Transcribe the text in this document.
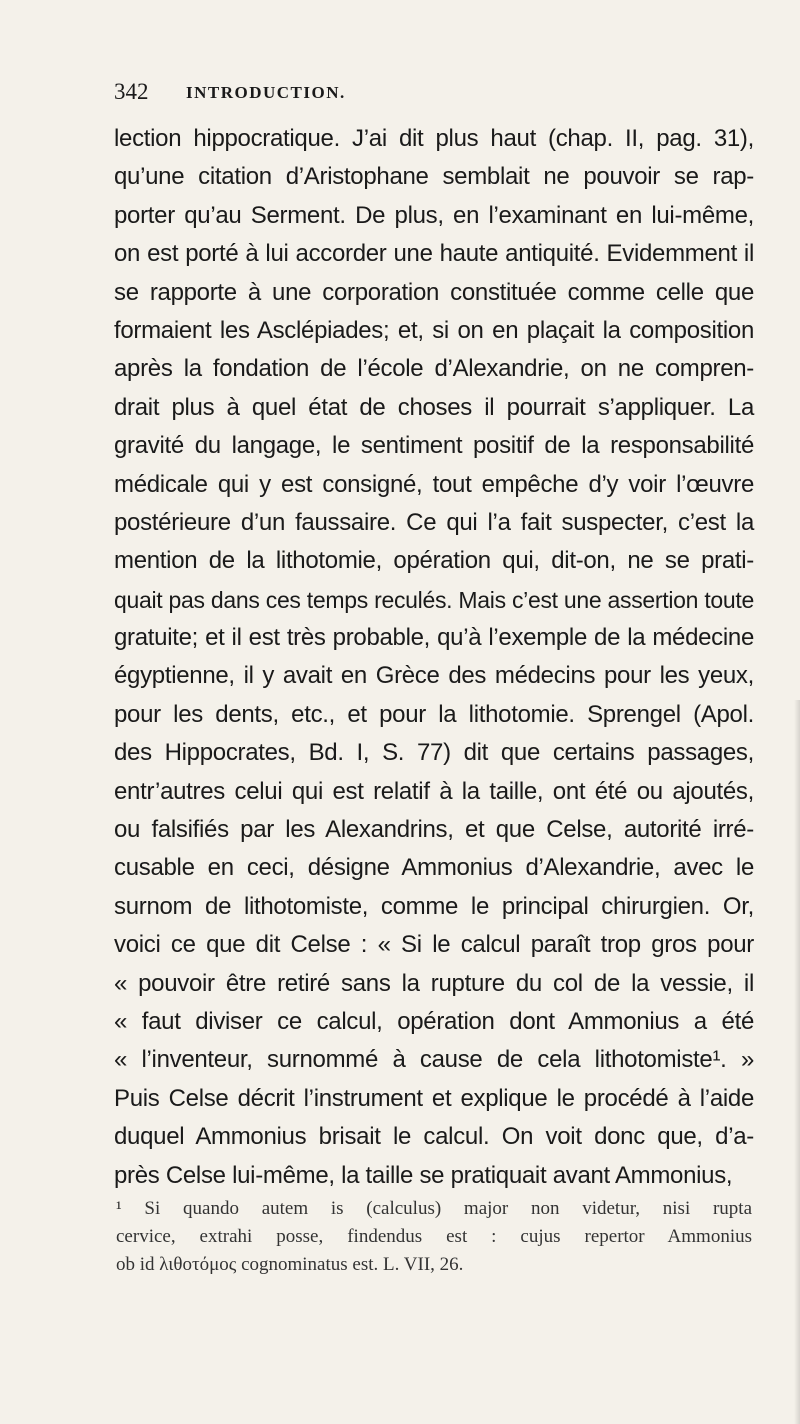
342 INTRODUCTION.
lection hippocratique. J’ai dit plus haut (chap. II, pag. 31),
qu’une citation d’Aristophane semblait ne pouvoir se rap-
porter qu’au Serment. De plus, en l’examinant en lui-même,
on est porté à lui accorder une haute antiquité. Evidemment il
se rapporte à une corporation constituée comme celle que
formaient les Asclépiades; et, si on en plaçait la composition
après la fondation de l’école d’Alexandrie, on ne compren-
drait plus à quel état de choses il pourrait s’appliquer. La
gravité du langage, le sentiment positif de la responsabilité
médicale qui y est consigné, tout empêche d’y voir l’œuvre
postérieure d’un faussaire. Ce qui l’a fait suspecter, c’est la
mention de la lithotomie, opération qui, dit-on, ne se prati-
quait pas dans ces temps reculés. Mais c’est une assertion toute
gratuite; et il est très probable, qu’à l’exemple de la médecine
égyptienne, il y avait en Grèce des médecins pour les yeux,
pour les dents, etc., et pour la lithotomie. Sprengel (Apol.
des Hippocrates, Bd. I, S. 77) dit que certains passages,
entr’autres celui qui est relatif à la taille, ont été ou ajoutés,
ou falsifiés par les Alexandrins, et que Celse, autorité irré-
cusable en ceci, désigne Ammonius d’Alexandrie, avec le
surnom de lithotomiste, comme le principal chirurgien. Or,
voici ce que dit Celse : « Si le calcul paraît trop gros pour
« pouvoir être retiré sans la rupture du col de la vessie, il
« faut diviser ce calcul, opération dont Ammonius a été
« l’inventeur, surnommé à cause de cela lithotomiste¹. »
Puis Celse décrit l’instrument et explique le procédé à l’aide
duquel Ammonius brisait le calcul. On voit donc que, d’a-
près Celse lui-même, la taille se pratiquait avant Ammonius,
¹ Si quando autem is (calculus) major non videtur, nisi rupta
cervice, extrahi posse, findendus est : cujus repertor Ammonius
ob id λιθοτόμος cognominatus est. L. VII, 26.
